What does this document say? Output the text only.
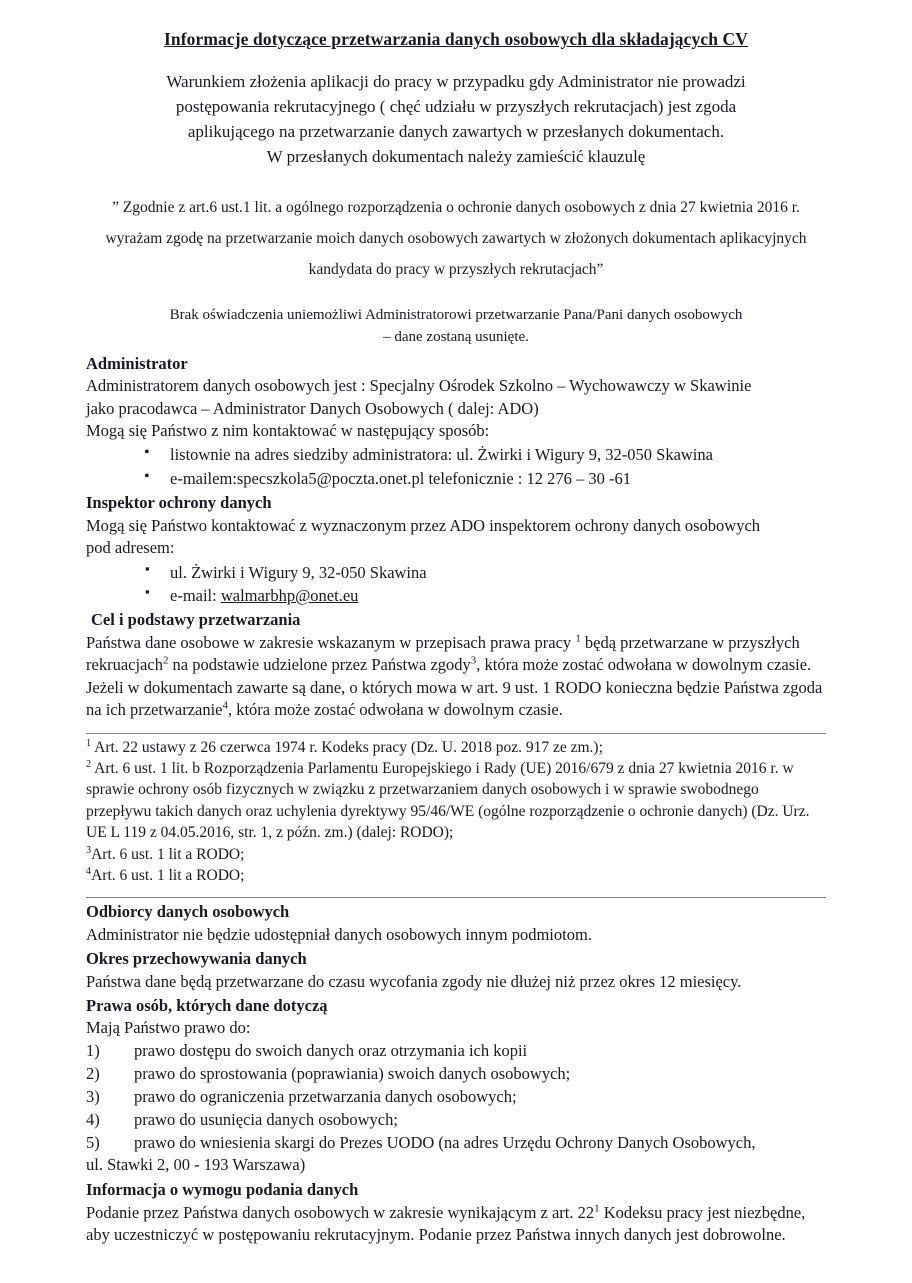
Informacje dotyczące przetwarzania danych osobowych dla składających CV
Warunkiem złożenia aplikacji do pracy w przypadku gdy Administrator nie prowadzi
postępowania rekrutacyjnego ( chęć udziału w przyszłych rekrutacjach) jest zgoda
aplikującego na przetwarzanie danych zawartych w przesłanych dokumentach.
W przesłanych dokumentach należy zamieścić klauzulę
” Zgodnie z art.6 ust.1 lit. a ogólnego rozporządzenia o ochronie danych osobowych z dnia 27 kwietnia 2016 r.
wyrażam zgodę na przetwarzanie moich danych osobowych zawartych w złożonych dokumentach aplikacyjnych
kandydata do pracy w przyszłych rekrutacjach”
Brak oświadczenia uniemożliwi Administratorowi przetwarzanie Pana/Pani danych osobowych
– dane zostaną usunięte.
Administrator

Administratorem danych osobowych jest : Specjalny Ośrodek Szkolno – Wychowawczy w Skawinie

jako pracodawca – Administrator Danych Osobowych ( dalej: ADO)

Mogą się Państwo z nim kontaktować w następujący sposób:

• listownie na adres siedziby administratora: ul. Żwirki i Wigury 9, 32-050 Skawina
• e-mailem:specszkola5@poczta.onet.pl telefonicznie : 12 276 – 30 -61
Inspektor ochrony danych

Mogą się Państwo kontaktować z wyznaczonym przez ADO inspektorem ochrony danych osobowych

pod adresem:

▪ ul. Żwirki i Wigury 9, 32-050 Skawina
▪ e-mail: walmarbhp@onet.eu
Cel i podstawy przetwarzania

Państwa dane osobowe w zakresie wskazanym w przepisach prawa pracy $^1$ będą przetwarzane w przyszłych rekruacjach$^2$ na podstawie udzielone przez Państwa zgody$^3$, która może zostać odwołana w dowolnym czasie.

Jeżeli w dokumentach zawarte są dane, o których mowa w art. 9 ust. 1 RODO konieczna będzie Państwa zgoda na ich przetwarzanie$^4$, która może zostać odwołana w dowolnym czasie.

$^1$ Art. 22 ustawy z 26 czerwca 1974 r. Kodeks pracy (Dz. U. 2018 poz. 917 ze zm.);

$^2$ Art. 6 ust. 1 lit. b Rozporządzenia Parlamentu Europejskiego i Rady (UE) 2016/679 z dnia 27 kwietnia 2016 r. w sprawie ochrony osób fizycznych w związku z przetwarzaniem danych osobowych i w sprawie swobodnego przepływu takich danych oraz uchylenia dyrektywy 95/46/WE (ogólne rozporządzenie o ochronie danych) (Dz. Urz. UE L 119 z 04.05.2016, str. 1, z późn. zm.) (dalej: RODO);

$^3$Art. 6 ust. 1 lit a RODO;

$^4$Art. 6 ust. 1 lit a RODO;

Odbiorcy danych osobowych

Administrator nie będzie udostępniał danych osobowych innym podmiotom.

Okres przechowywania danych

Państwa dane będą przetwarzane do czasu wycofania zgody nie dłużej niż przez okres 12 miesięcy.

Prawa osób, których dane dotyczą

Mają Państwo prawo do:

1) prawo dostępu do swoich danych oraz otrzymania ich kopii
2) prawo do sprostowania (poprawiania) swoich danych osobowych;
3) prawo do ograniczenia przetwarzania danych osobowych;
4) prawo do usunięcia danych osobowych;
5) prawo do wniesienia skargi do Prezes UODO (na adres Urzędu Ochrony Danych Osobowych,

ul. Stawki 2, 00 - 193 Warszawa)

Informacja o wymogu podania danych

Podanie przez Państwa danych osobowych w zakresie wynikającym z art. $22^1$ Kodeksu pracy jest niezbędne, aby uczestniczyć w postępowaniu rekrutacyjnym. Podanie przez Państwa innych danych jest dobrowolne.
